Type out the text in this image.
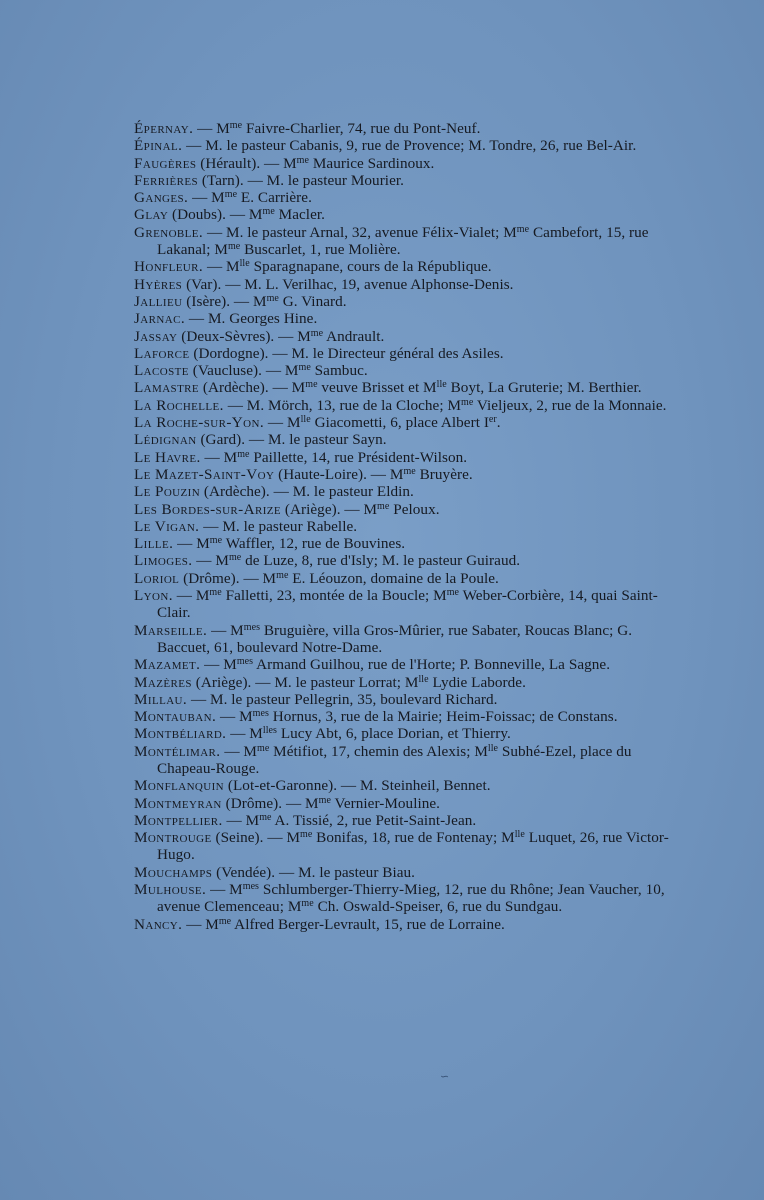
Épernay. — $M^{me}$ Faivre-Charlier, 74, rue du Pont-Neuf.

Épinal. — M. le pasteur Cabanis, 9, rue de Provence; M. Tondre, 26, rue Bel-Air.

Faugères (Hérault). — $M^{me}$ Maurice Sardinoux.

Ferrières (Tarn). — M. le pasteur Mourier.

Ganges. — $M^{me}$ E. Carrière.

Glay (Doubs). — $M^{me}$ Macler.

Grenoble. — M. le pasteur Arnal, 32, avenue Félix-Vialet; $M^{me}$ Cambefort, 15, rue Lakanal; $M^{me}$ Buscarlet, 1, rue Molière.

Honfleur. — $M^{lle}$ Sparagnapane, cours de la République.

Hyères (Var). — M. L. Verilhac, 19, avenue Alphonse-Denis.

Jallieu (Isère). — $M^{me}$ G. Vinard.

Jarnac. — M. Georges Hine.

Jassay (Deux-Sèvres). — $M^{me}$ Andrault.

Laforce (Dordogne). — M. le Directeur général des Asiles.

Lacoste (Vaucluse). — $M^{me}$ Sambuc.

Lamastre (Ardèche). — $M^{me}$ veuve Brisset et $M^{lle}$ Boyt, La Gruterie; M. Berthier.

La Rochelle. — M. Mörch, 13, rue de la Cloche; $M^{me}$ Vieljeux, 2, rue de la Monnaie.

La Roche-sur-Yon. — $M^{lle}$ Giacometti, 6, place Albert Ier.

Lédignan (Gard). — M. le pasteur Sayn.

Le Havre. — $M^{me}$ Paillette, 14, rue Président-Wilson.

Le Mazet-Saint-Voy (Haute-Loire). — $M^{me}$ Bruyère.

Le Pouzin (Ardèche). — M. le pasteur Eldin.

Les Bordes-sur-Arize (Ariège). — $M^{me}$ Peloux.

Le Vigan. — M. le pasteur Rabelle.

Lille. — $M^{me}$ Waffler, 12, rue de Bouvines.

Limoges. — $M^{me}$ de Luze, 8, rue d'Isly; M. le pasteur Guiraud.

Loriol (Drôme). — $M^{me}$ E. Léouzon, domaine de la Poule.

Lyon. — $M^{me}$ Falletti, 23, montée de la Boucle; $M^{me}$ Weber-Corbière, 14, quai Saint-Clair.

Marseille. — $M^{mes}$ Bruguière, villa Gros-Mûrier, rue Sabater, Roucas Blanc; G. Baccuet, 61, boulevard Notre-Dame.

Mazamet. — $M^{mes}$ Armand Guilhou, rue de l'Horte; P. Bonneville, La Sagne.

Mazères (Ariège). — M. le pasteur Lorrat; $M^{lle}$ Lydie Laborde.

Millau. — M. le pasteur Pellegrin, 35, boulevard Richard.

Montauban. — $M^{mes}$ Hornus, 3, rue de la Mairie; Heim-Foissac; de Constans.

Montbéliard. — $M^{lles}$ Lucy Abt, 6, place Dorian, et Thierry.

Montélimar. — $M^{me}$ Métifiot, 17, chemin des Alexis; $M^{lle}$ Subhé-Ezel, place du Chapeau-Rouge.

Monflanquin (Lot-et-Garonne). — M. Steinheil, Bennet.

Montmeyran (Drôme). — $M^{me}$ Vernier-Mouline.

Montpellier. — $M^{me}$ A. Tissié, 2, rue Petit-Saint-Jean.

Montrouge (Seine). — $M^{me}$ Bonifas, 18, rue de Fontenay; $M^{lle}$ Luquet, 26, rue Victor-Hugo.

Mouchamps (Vendée). — M. le pasteur Biau.

Mulhouse. — $M^{mes}$ Schlumberger-Thierry-Mieg, 12, rue du Rhône; Jean Vaucher, 10, avenue Clemenceau; $M^{me}$ Ch. Oswald-Speiser, 6, rue du Sundgau.

Nancy. — $M^{me}$ Alfred Berger-Levrault, 15, rue de Lorraine.

∽
